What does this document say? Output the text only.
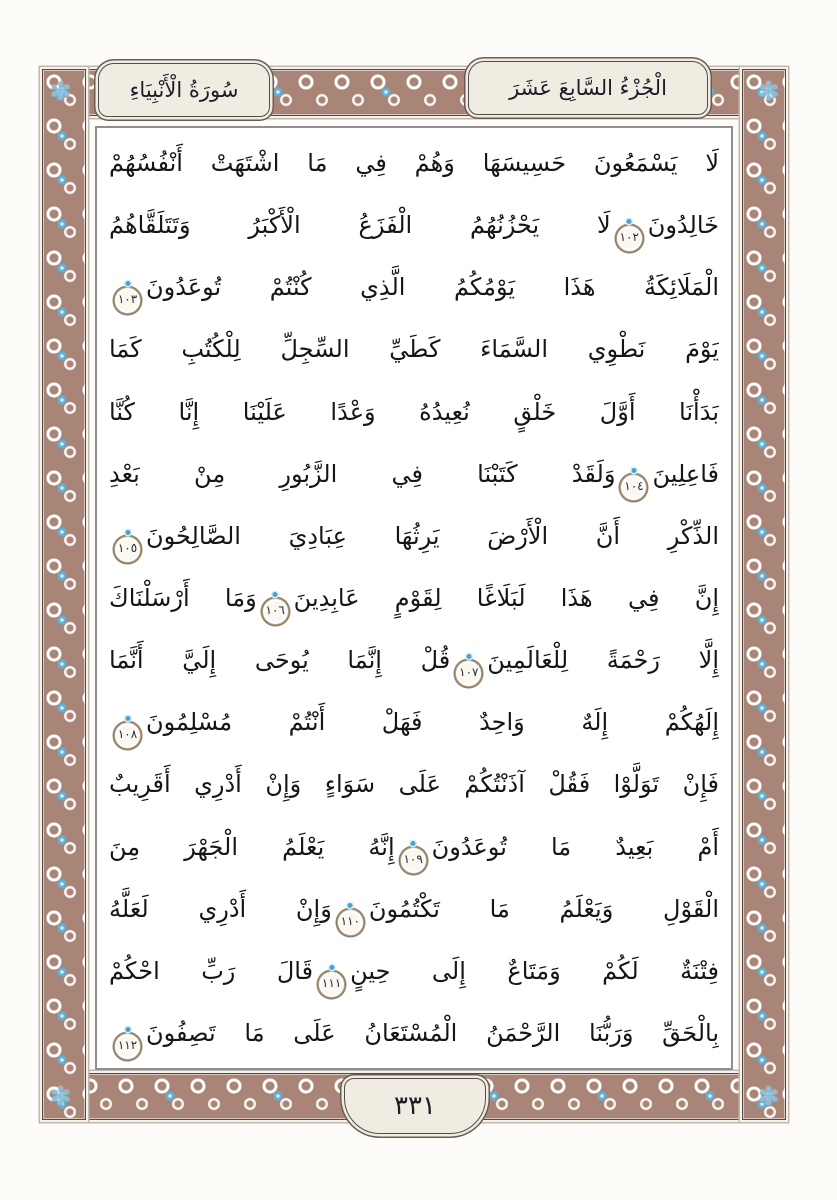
✻	✻
✻	✻
سُورَةُ الْأَنْبِيَاءِ	الْجُزْءُ السَّابِعَ عَشَرَ
لَا يَسْمَعُونَ حَسِيسَهَا وَهُمْ فِي مَا اشْتَهَتْ أَنْفُسُهُمْ
خَالِدُونَ
١٠٢
لَا يَحْزُنُهُمُ الْفَزَعُ الْأَكْبَرُ وَتَتَلَقَّاهُمُ
الْمَلَائِكَةُ هَذَا يَوْمُكُمُ الَّذِي كُنْتُمْ تُوعَدُونَ
١٠٣
يَوْمَ نَطْوِي السَّمَاءَ كَطَيِّ السِّجِلِّ لِلْكُتُبِ كَمَا
بَدَأْنَا أَوَّلَ خَلْقٍ نُعِيدُهُ وَعْدًا عَلَيْنَا إِنَّا كُنَّا
فَاعِلِينَ
١٠٤
وَلَقَدْ كَتَبْنَا فِي الزَّبُورِ مِنْ بَعْدِ
الذِّكْرِ أَنَّ الْأَرْضَ يَرِثُهَا عِبَادِيَ الصَّالِحُونَ
١٠٥
إِنَّ فِي هَذَا لَبَلَاغًا لِقَوْمٍ عَابِدِينَ
١٠٦
وَمَا أَرْسَلْنَاكَ
إِلَّا رَحْمَةً لِلْعَالَمِينَ
١٠٧
قُلْ إِنَّمَا يُوحَى إِلَيَّ أَنَّمَا
إِلَهُكُمْ إِلَهٌ وَاحِدٌ فَهَلْ أَنْتُمْ مُسْلِمُونَ
١٠٨
فَإِنْ تَوَلَّوْا فَقُلْ آذَنْتُكُمْ عَلَى سَوَاءٍ وَإِنْ أَدْرِي أَقَرِيبٌ
أَمْ بَعِيدٌ مَا تُوعَدُونَ
١٠٩
إِنَّهُ يَعْلَمُ الْجَهْرَ مِنَ
الْقَوْلِ وَيَعْلَمُ مَا تَكْتُمُونَ
١١٠
وَإِنْ أَدْرِي لَعَلَّهُ
فِتْنَةٌ لَكُمْ وَمَتَاعٌ إِلَى حِينٍ
١١١
قَالَ رَبِّ احْكُمْ
بِالْحَقِّ وَرَبُّنَا الرَّحْمَنُ الْمُسْتَعَانُ عَلَى مَا تَصِفُونَ
١١٢
٣٣١
